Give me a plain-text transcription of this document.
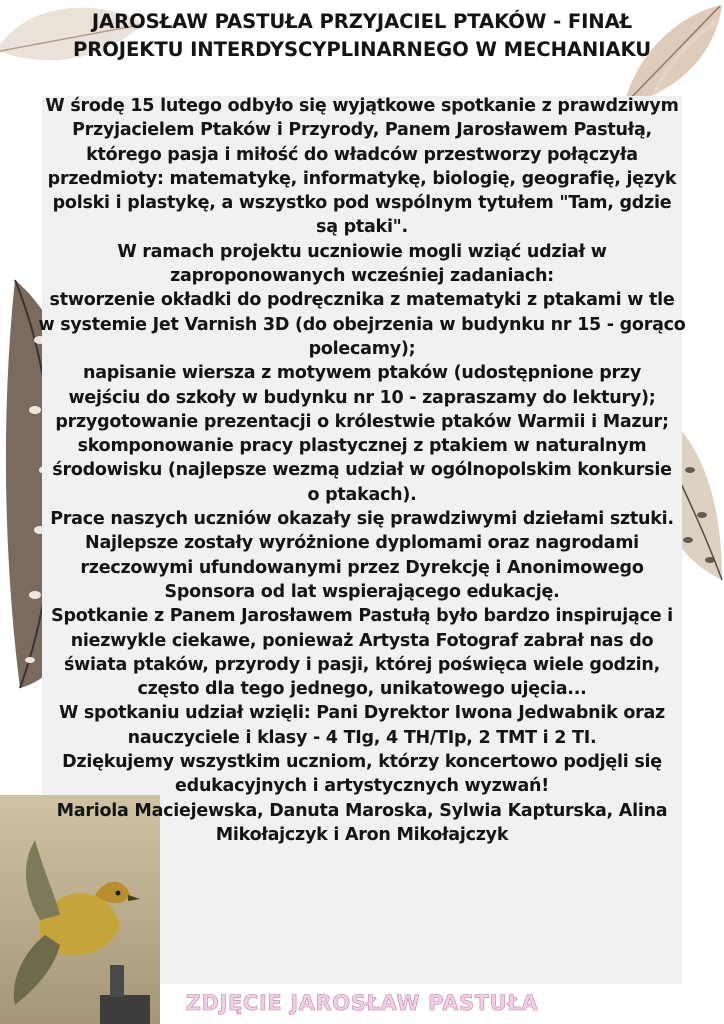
JAROSŁAW PASTUŁA PRZYJACIEL PTAKÓW - FINAŁ
PROJEKTU INTERDYSCYPLINARNEGO W MECHANIAKU
W środę 15 lutego odbyło się wyjątkowe spotkanie z prawdziwym
Przyjacielem Ptaków i Przyrody, Panem Jarosławem Pastułą,
którego pasja i miłość do władców przestworzy połączyła
przedmioty: matematykę, informatykę, biologię, geografię, język
polski i plastykę, a wszystko pod wspólnym tytułem "Tam, gdzie
są ptaki".
W ramach projektu uczniowie mogli wziąć udział w
zaproponowanych wcześniej zadaniach:
stworzenie okładki do podręcznika z matematyki z ptakami w tle
w systemie Jet Varnish 3D (do obejrzenia w budynku nr 15 - gorąco
polecamy);
napisanie wiersza z motywem ptaków (udostępnione przy
wejściu do szkoły w budynku nr 10 - zapraszamy do lektury);
przygotowanie prezentacji o królestwie ptaków Warmii i Mazur;
skomponowanie pracy plastycznej z ptakiem w naturalnym
środowisku (najlepsze wezmą udział w ogólnopolskim konkursie
o ptakach).
Prace naszych uczniów okazały się prawdziwymi dziełami sztuki.
Najlepsze zostały wyróżnione dyplomami oraz nagrodami
rzeczowymi ufundowanymi przez Dyrekcję i Anonimowego
Sponsora od lat wspierającego edukację.
Spotkanie z Panem Jarosławem Pastułą było bardzo inspirujące i
niezwykle ciekawe, ponieważ Artysta Fotograf zabrał nas do
świata ptaków, przyrody i pasji, której poświęca wiele godzin,
często dla tego jednego, unikatowego ujęcia...
W spotkaniu udział wzięli: Pani Dyrektor Iwona Jedwabnik oraz
nauczyciele i klasy - 4 TIg, 4 TH/TIp, 2 TMT i 2 TI.
Dziękujemy wszystkim uczniom, którzy koncertowo podjęli się
edukacyjnych i artystycznych wyzwań!
Mariola Maciejewska, Danuta Maroska, Sylwia Kapturska, Alina
Mikołajczyk i Aron Mikołajczyk
ZDJĘCIE JAROSŁAW PASTUŁA
